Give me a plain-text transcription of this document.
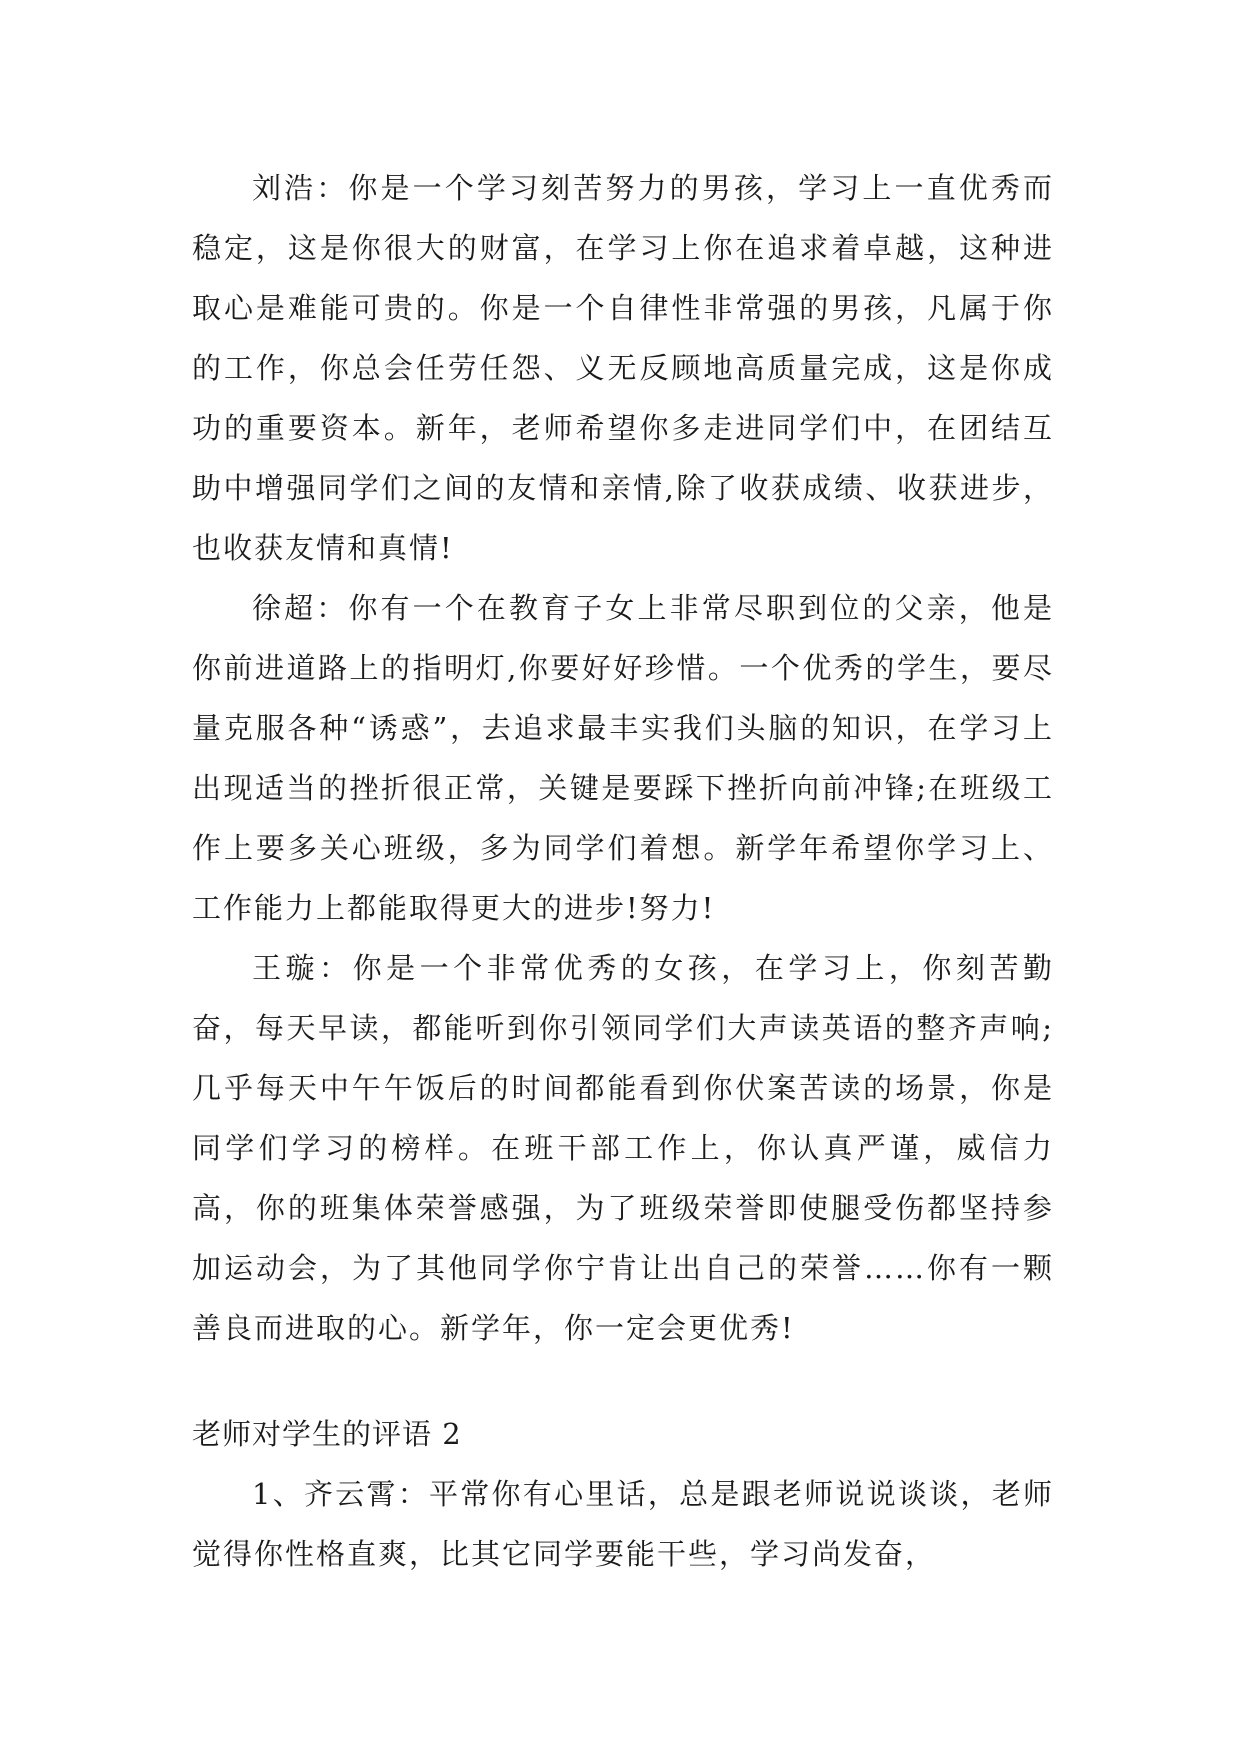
刘浩：你是一个学习刻苦努力的男孩，学习上一直优秀而稳定，这是你很大的财富，在学习上你在追求着卓越，这种进取心是难能可贵的。你是一个自律性非常强的男孩，凡属于你的工作，你总会任劳任怨、义无反顾地高质量完成，这是你成功的重要资本。新年，老师希望你多走进同学们中，在团结互助中增强同学们之间的友情和亲情,除了收获成绩、收获进步，也收获友情和真情!

徐超：你有一个在教育子女上非常尽职到位的父亲，他是你前进道路上的指明灯,你要好好珍惜。一个优秀的学生，要尽量克服各种“诱惑”，去追求最丰实我们头脑的知识，在学习上出现适当的挫折很正常，关键是要踩下挫折向前冲锋;在班级工作上要多关心班级，多为同学们着想。新学年希望你学习上、工作能力上都能取得更大的进步!努力!

王璇：你是一个非常优秀的女孩，在学习上，你刻苦勤奋，每天早读，都能听到你引领同学们大声读英语的整齐声响;几乎每天中午午饭后的时间都能看到你伏案苦读的场景，你是同学们学习的榜样。在班干部工作上，你认真严谨，威信力高，你的班集体荣誉感强，为了班级荣誉即使腿受伤都坚持参加运动会，为了其他同学你宁肯让出自己的荣誉……你有一颗善良而进取的心。新学年，你一定会更优秀!

老师对学生的评语 2

1、齐云霄：平常你有心里话，总是跟老师说说谈谈，老师觉得你性格直爽，比其它同学要能干些，学习尚发奋，
